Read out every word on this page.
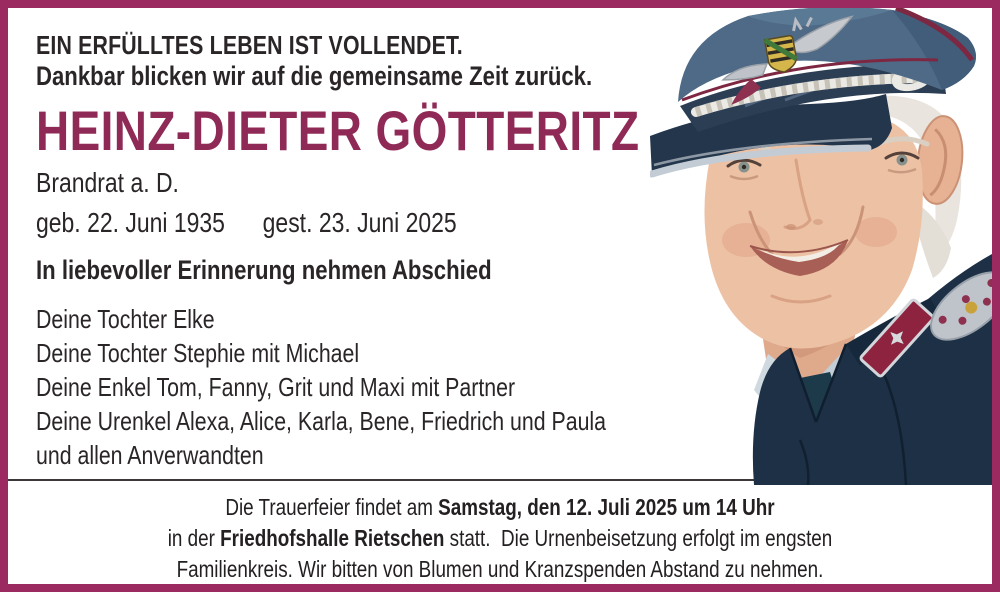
EIN ERFÜLLTES LEBEN IST VOLLENDET.
Dankbar blicken wir auf die gemeinsame Zeit zurück.
HEINZ-DIETER GÖTTERITZ
Brandrat a. D.
geb. 22. Juni 1935 gest. 23. Juni 2025
In liebevoller Erinnerung nehmen Abschied
Deine Tochter Elke
Deine Tochter Stephie mit Michael
Deine Enkel Tom, Fanny, Grit und Maxi mit Partner
Deine Urenkel Alexa, Alice, Karla, Bene, Friedrich und Paula
und allen Anverwandten
Die Trauerfeier findet am Samstag, den 12. Juli 2025 um 14 Uhr
in der Friedhofshalle Rietschen statt.  Die Urnenbeisetzung erfolgt im engsten
Familienkreis. Wir bitten von Blumen und Kranzspenden Abstand zu nehmen.
